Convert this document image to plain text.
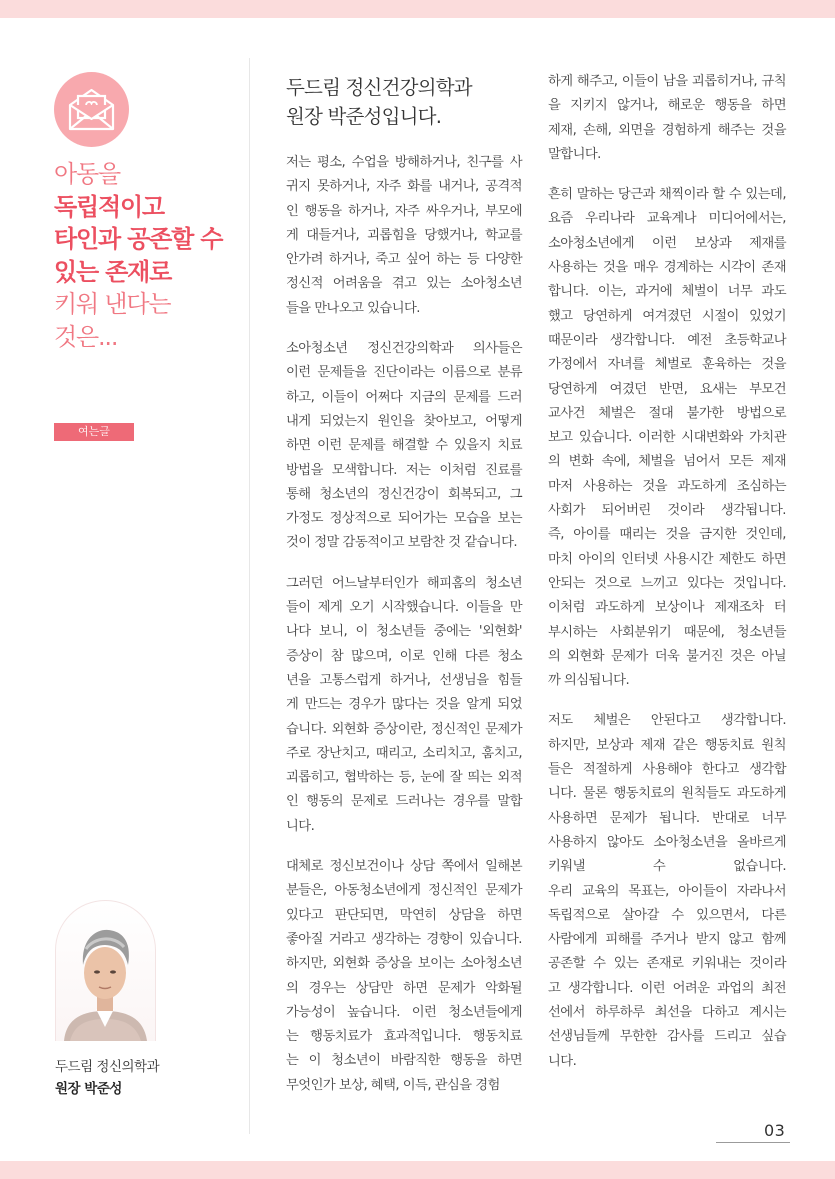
아동을
독립적이고
타인과 공존할 수
있는 존재로
키워 낸다는
것은...
여는글
두드림 정신의학과
원장 박준성
두드림 정신건강의학과
원장 박준성입니다.
저는 평소, 수업을 방해하거나, 친구를 사
귀지 못하거나, 자주 화를 내거나, 공격적
인 행동을 하거나, 자주 싸우거나, 부모에
게 대들거나, 괴롭힘을 당했거나, 학교를
안가려 하거나, 죽고 싶어 하는 등 다양한
정신적 어려움을 겪고 있는 소아청소년
들을 만나오고 있습니다.
소아청소년 정신건강의학과 의사들은
이런 문제들을 진단이라는 이름으로 분류
하고, 이들이 어쩌다 지금의 문제를 드러
내게 되었는지 원인을 찾아보고, 어떻게
하면 이런 문제를 해결할 수 있을지 치료
방법을 모색합니다. 저는 이처럼 진료를
통해 청소년의 정신건강이 회복되고, 그
가정도 정상적으로 되어가는 모습을 보는
것이 정말 감동적이고 보람찬 것 같습니다.
그러던 어느날부터인가 해피홈의 청소년
들이 제게 오기 시작했습니다. 이들을 만
나다 보니, 이 청소년들 중에는 '외현화'
증상이 참 많으며, 이로 인해 다른 청소
년을 고통스럽게 하거나, 선생님을 힘들
게 만드는 경우가 많다는 것을 알게 되었
습니다. 외현화 증상이란, 정신적인 문제가
주로 장난치고, 때리고, 소리치고, 훔치고,
괴롭히고, 협박하는 등, 눈에 잘 띄는 외적
인 행동의 문제로 드러나는 경우를 말합
니다.
대체로 정신보건이나 상담 쪽에서 일해본
분들은, 아동청소년에게 정신적인 문제가
있다고 판단되면, 막연히 상담을 하면
좋아질 거라고 생각하는 경향이 있습니다.
하지만, 외현화 증상을 보이는 소아청소년
의 경우는 상담만 하면 문제가 악화될
가능성이 높습니다. 이런 청소년들에게
는 행동치료가 효과적입니다. 행동치료
는 이 청소년이 바람직한 행동을 하면
무엇인가 보상, 혜택, 이득, 관심을 경험
하게 해주고, 이들이 남을 괴롭히거나, 규칙
을 지키지 않거나, 해로운 행동을 하면
제재, 손해, 외면을 경험하게 해주는 것을
말합니다.
흔히 말하는 당근과 채찍이라 할 수 있는데,
요즘 우리나라 교육계나 미디어에서는,
소아청소년에게 이런 보상과 제재를
사용하는 것을 매우 경계하는 시각이 존재
합니다. 이는, 과거에 체벌이 너무 과도
했고 당연하게 여겨졌던 시절이 있었기
때문이라 생각합니다. 예전 초등학교나
가정에서 자녀를 체벌로 훈육하는 것을
당연하게 여겼던 반면, 요새는 부모건
교사건 체벌은 절대 불가한 방법으로
보고 있습니다. 이러한 시대변화와 가치관
의 변화 속에, 체벌을 넘어서 모든 제재
마저 사용하는 것을 과도하게 조심하는
사회가 되어버린 것이라 생각됩니다.
즉, 아이를 때리는 것을 금지한 것인데,
마치 아이의 인터넷 사용시간 제한도 하면
안되는 것으로 느끼고 있다는 것입니다.
이처럼 과도하게 보상이나 제재조차 터
부시하는 사회분위기 때문에, 청소년들
의 외현화 문제가 더욱 불거진 것은 아닐
까 의심됩니다.
저도 체벌은 안된다고 생각합니다.
하지만, 보상과 제재 같은 행동치료 원칙
들은 적절하게 사용해야 한다고 생각합
니다. 물론 행동치료의 원칙들도 과도하게
사용하면 문제가 됩니다. 반대로 너무
사용하지 않아도 소아청소년을 올바르게
키워낼 수 없습니다.
우리 교육의 목표는, 아이들이 자라나서
독립적으로 살아갈 수 있으면서, 다른
사람에게 피해를 주거나 받지 않고 함께
공존할 수 있는 존재로 키워내는 것이라
고 생각합니다. 이런 어려운 과업의 최전
선에서 하루하루 최선을 다하고 계시는
선생님들께 무한한 감사를 드리고 싶습
니다.
03
